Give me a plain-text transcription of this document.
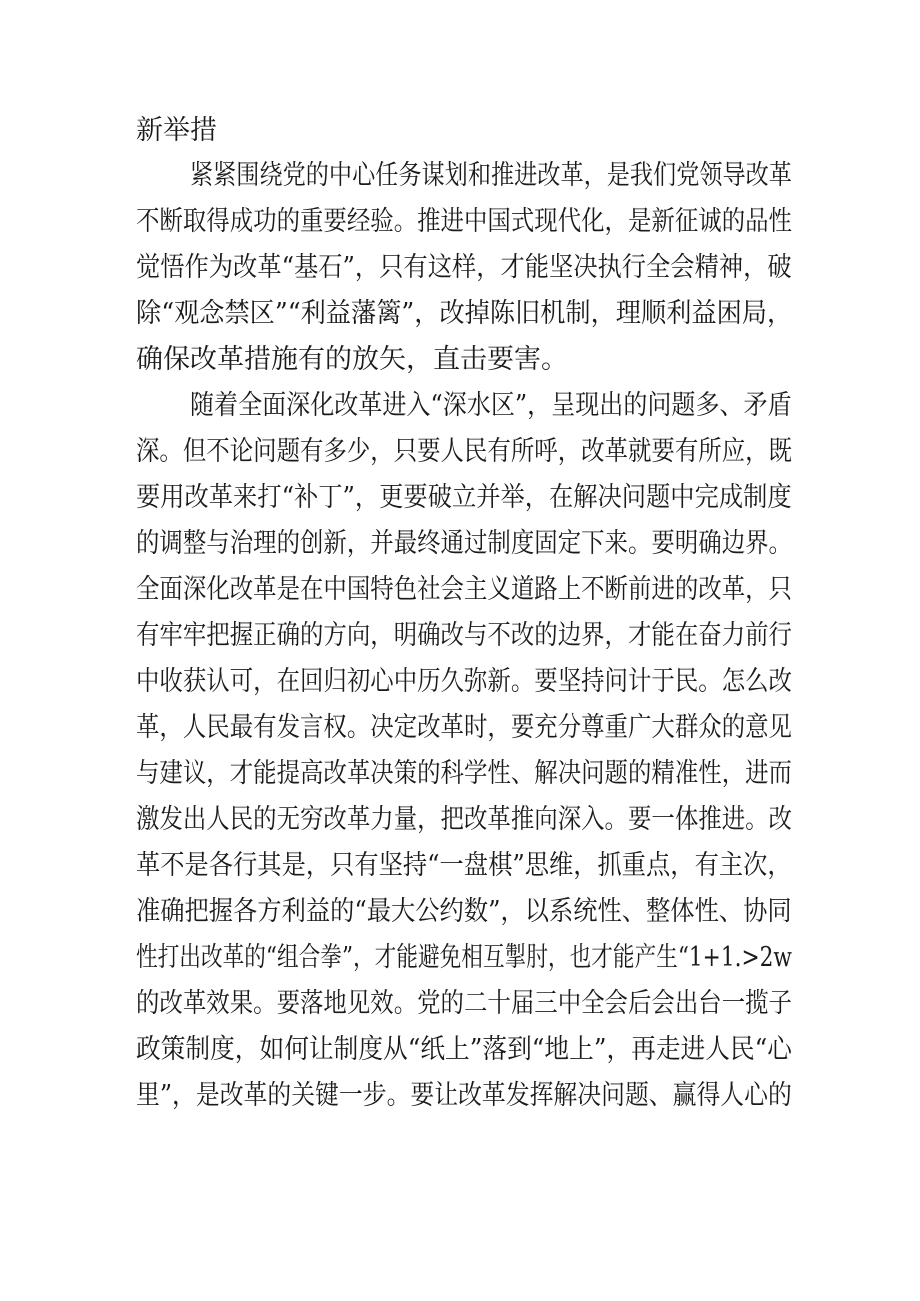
新举措

紧紧围绕党的中心任务谋划和推进改革，是我们党领导改革

不断取得成功的重要经验。推进中国式现代化，是新征诚的品性

觉悟作为改革“基石”，只有这样，才能坚决执行全会精神，破

除“观念禁区”“利益藩篱”，改掉陈旧机制，理顺利益困局，

确保改革措施有的放矢，直击要害。

随着全面深化改革进入“深水区”，呈现出的问题多、矛盾

深。但不论问题有多少，只要人民有所呼，改革就要有所应，既

要用改革来打“补丁”，更要破立并举，在解决问题中完成制度

的调整与治理的创新，并最终通过制度固定下来。要明确边界。

全面深化改革是在中国特色社会主义道路上不断前进的改革，只

有牢牢把握正确的方向，明确改与不改的边界，才能在奋力前行

中收获认可，在回归初心中历久弥新。要坚持问计于民。怎么改

革，人民最有发言权。决定改革时，要充分尊重广大群众的意见

与建议，才能提高改革决策的科学性、解决问题的精准性，进而

激发出人民的无穷改革力量，把改革推向深入。要一体推进。改

革不是各行其是，只有坚持“一盘棋”思维，抓重点，有主次，

准确把握各方利益的“最大公约数”，以系统性、整体性、协同

性打出改革的“组合拳”，才能避免相互掣肘，也才能产生“1+1.>2w

的改革效果。要落地见效。党的二十届三中全会后会出台一揽子

政策制度，如何让制度从“纸上”落到“地上”，再走进人民“心

里”，是改革的关键一步。要让改革发挥解决问题、赢得人心的
